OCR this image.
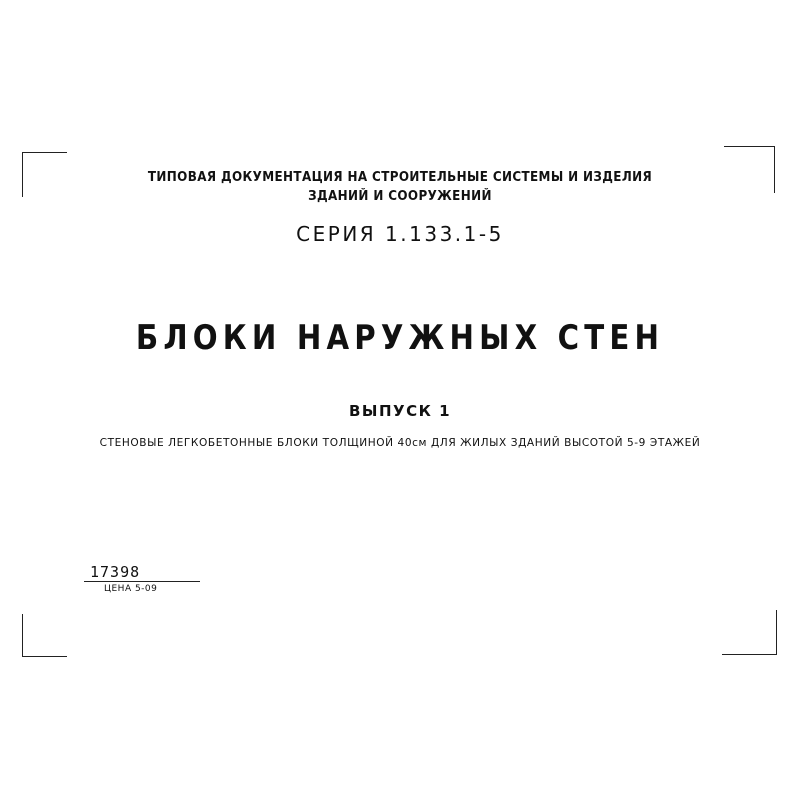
ТИПОВАЯ ДОКУМЕНТАЦИЯ НА СТРОИТЕЛЬНЫЕ СИСТЕМЫ И ИЗДЕЛИЯ
ЗДАНИЙ И СООРУЖЕНИЙ
СЕРИЯ 1.133.1-5
БЛОКИ НАРУЖНЫХ СТЕН
ВЫПУСК 1
СТЕНОВЫЕ ЛЕГКОБЕТОННЫЕ БЛОКИ ТОЛЩИНОЙ 40см ДЛЯ ЖИЛЫХ ЗДАНИЙ ВЫСОТОЙ 5-9 ЭТАЖЕЙ
17398
ЦЕНА 5-09
